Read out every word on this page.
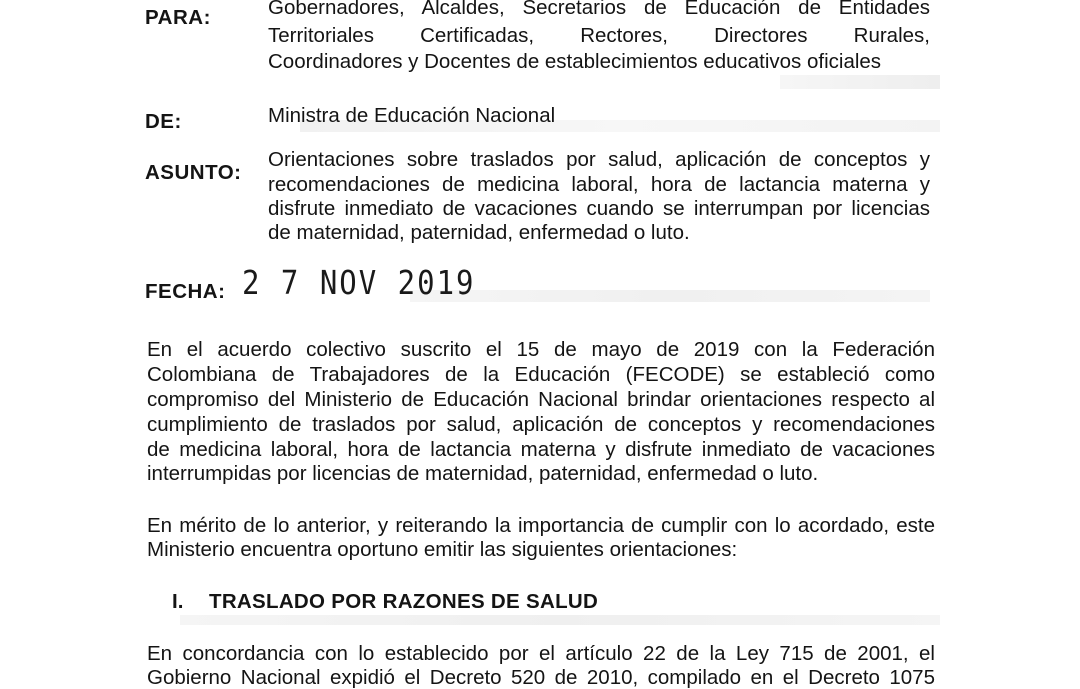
PARA:	Gobernadores, Alcaldes, Secretarios de Educación de Entidades
Territoriales Certificadas, Rectores, Directores Rurales,
Coordinadores y Docentes de establecimientos educativos oficiales
DE:	Ministra de Educación Nacional
ASUNTO:
Orientaciones sobre traslados por salud, aplicación de conceptos y
recomendaciones de medicina laboral, hora de lactancia materna y
disfrute inmediato de vacaciones cuando se interrumpan por licencias
de maternidad, paternidad, enfermedad o luto.
FECHA: 2 7 NOV 2019
En el acuerdo colectivo suscrito el 15 de mayo de 2019 con la Federación
Colombiana de Trabajadores de la Educación (FECODE) se estableció como
compromiso del Ministerio de Educación Nacional brindar orientaciones respecto al
cumplimiento de traslados por salud, aplicación de conceptos y recomendaciones
de medicina laboral, hora de lactancia materna y disfrute inmediato de vacaciones
interrumpidas por licencias de maternidad, paternidad, enfermedad o luto.
En mérito de lo anterior, y reiterando la importancia de cumplir con lo acordado, este
Ministerio encuentra oportuno emitir las siguientes orientaciones:
I. TRASLADO POR RAZONES DE SALUD
En concordancia con lo establecido por el artículo 22 de la Ley 715 de 2001, el
Gobierno Nacional expidió el Decreto 520 de 2010, compilado en el Decreto 1075
